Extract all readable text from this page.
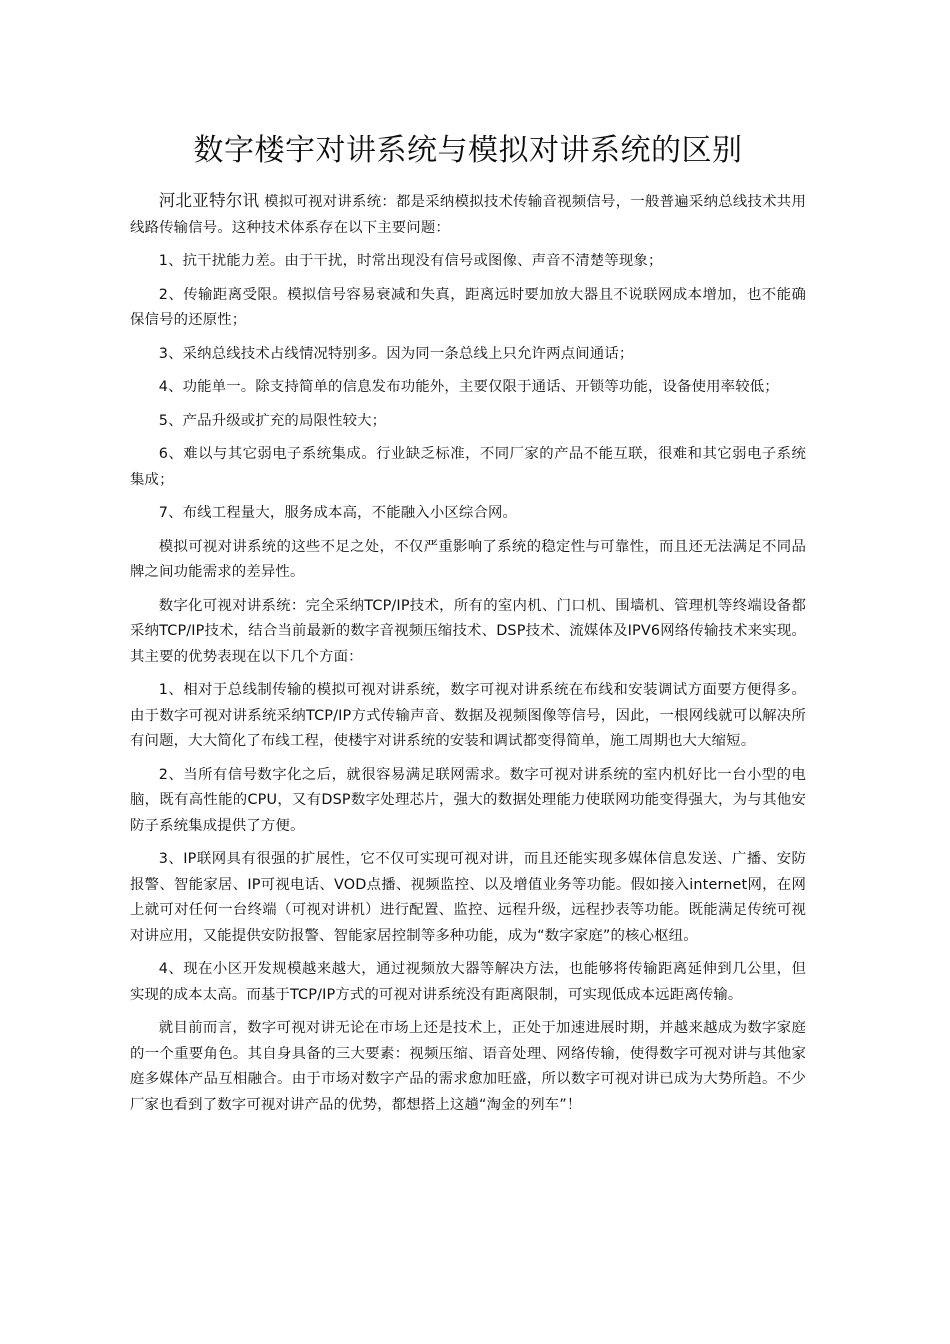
数字楼宇对讲系统与模拟对讲系统的区别

河北亚特尔讯 模拟可视对讲系统：都是采纳模拟技术传输音视频信号，一般普遍采纳总线技术共用线路传输信号。这种技术体系存在以下主要问题：

1、抗干扰能力差。由于干扰，时常出现没有信号或图像、声音不清楚等现象；

2、传输距离受限。模拟信号容易衰减和失真，距离远时要加放大器且不说联网成本增加，也不能确保信号的还原性；

3、采纳总线技术占线情况特别多。因为同一条总线上只允许两点间通话；

4、功能单一。除支持简单的信息发布功能外，主要仅限于通话、开锁等功能，设备使用率较低；

5、产品升级或扩充的局限性较大；

6、难以与其它弱电子系统集成。行业缺乏标准，不同厂家的产品不能互联，很难和其它弱电子系统集成；

7、布线工程量大，服务成本高，不能融入小区综合网。

模拟可视对讲系统的这些不足之处，不仅严重影响了系统的稳定性与可靠性，而且还无法满足不同品牌之间功能需求的差异性。

数字化可视对讲系统：完全采纳TCP/IP技术，所有的室内机、门口机、围墙机、管理机等终端设备都采纳TCP/IP技术，结合当前最新的数字音视频压缩技术、DSP技术、流媒体及IPV6网络传输技术来实现。其主要的优势表现在以下几个方面：

1、相对于总线制传输的模拟可视对讲系统，数字可视对讲系统在布线和安装调试方面要方便得多。由于数字可视对讲系统采纳TCP/IP方式传输声音、数据及视频图像等信号，因此，一根网线就可以解决所有问题，大大简化了布线工程，使楼宇对讲系统的安装和调试都变得简单，施工周期也大大缩短。

2、当所有信号数字化之后，就很容易满足联网需求。数字可视对讲系统的室内机好比一台小型的电脑，既有高性能的CPU，又有DSP数字处理芯片，强大的数据处理能力使联网功能变得强大，为与其他安防子系统集成提供了方便。

3、IP联网具有很强的扩展性，它不仅可实现可视对讲，而且还能实现多媒体信息发送、广播、安防报警、智能家居、IP可视电话、VOD点播、视频监控、以及增值业务等功能。假如接入internet网，在网上就可对任何一台终端（可视对讲机）进行配置、监控、远程升级，远程抄表等功能。既能满足传统可视对讲应用，又能提供安防报警、智能家居控制等多种功能，成为“数字家庭”的核心枢纽。

4、现在小区开发规模越来越大，通过视频放大器等解决方法，也能够将传输距离延伸到几公里，但实现的成本太高。而基于TCP/IP方式的可视对讲系统没有距离限制，可实现低成本远距离传输。

就目前而言，数字可视对讲无论在市场上还是技术上，正处于加速进展时期，并越来越成为数字家庭的一个重要角色。其自身具备的三大要素：视频压缩、语音处理、网络传输，使得数字可视对讲与其他家庭多媒体产品互相融合。由于市场对数字产品的需求愈加旺盛，所以数字可视对讲已成为大势所趋。不少厂家也看到了数字可视对讲产品的优势，都想搭上这趟“淘金的列车”！
